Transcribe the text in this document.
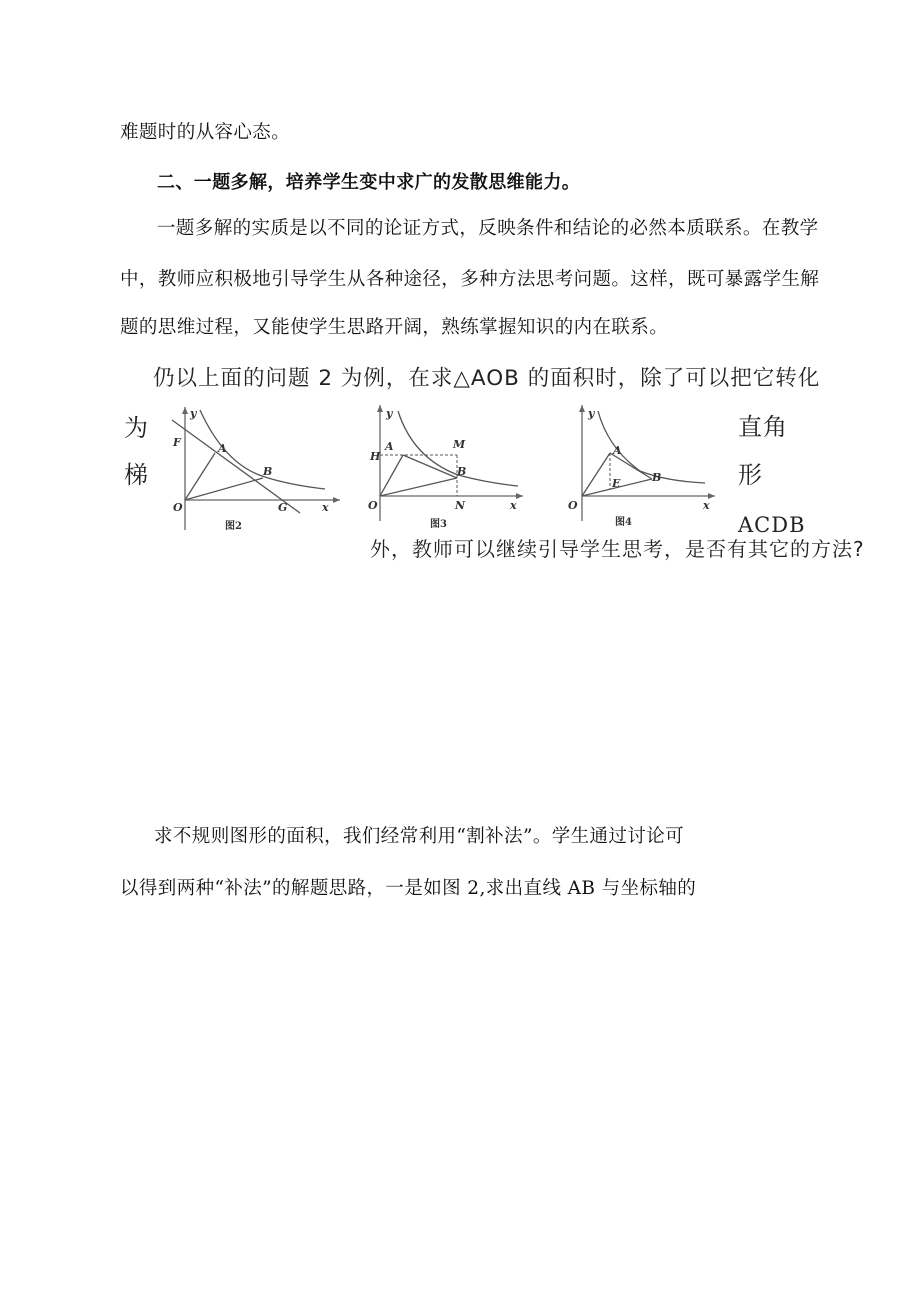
难题时的从容心态。
二、一题多解，培养学生变中求广的发散思维能力。
一题多解的实质是以不同的论证方式，反映条件和结论的必然本质联系。在教学
中，教师应积极地引导学生从各种途径，多种方法思考问题。这样，既可暴露学生解
题的思维过程，又能使学生思路开阔，熟练掌握知识的内在联系。
仍以上面的问题 2 为例，在求△AOB 的面积时，除了可以把它转化
为
梯
直角
形
ACDB
外，教师可以继续引导学生思考，是否有其它的方法?
y
x
O
A
B
F
G
图2
y
x
O
A
B
H
M
N
图3
y
x
O
A
B
E
图4
求不规则图形的面积，我们经常利用“割补法”。学生通过讨论可
以得到两种“补法”的解题思路，一是如图 2,求出直线 AB 与坐标轴的
